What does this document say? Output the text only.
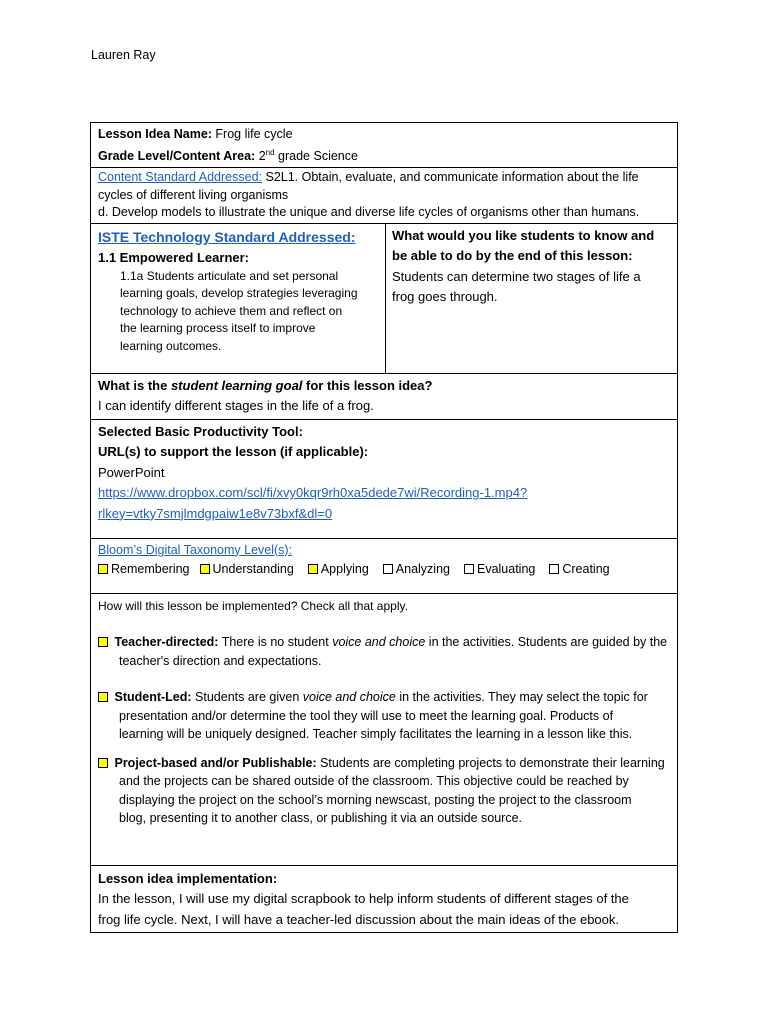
Lauren Ray
Lesson Idea Name: Frog life cycle
Grade Level/Content Area: 2nd grade Science
Content Standard Addressed: S2L1. Obtain, evaluate, and communicate information about the life
cycles of different living organisms
d. Develop models to illustrate the unique and diverse life cycles of organisms other than humans.
ISTE Technology Standard Addressed:
1.1 Empowered Learner:
1.1a Students articulate and set personal
learning goals, develop strategies leveraging
technology to achieve them and reflect on
the learning process itself to improve
learning outcomes.
What would you like students to know and
be able to do by the end of this lesson:
Students can determine two stages of life a
frog goes through.
What is the student learning goal for this lesson idea?
I can identify different stages in the life of a frog.
Selected Basic Productivity Tool:
URL(s) to support the lesson (if applicable):
PowerPoint
https://www.dropbox.com/scl/fi/xvy0kqr9rh0xa5dede7wi/Recording-1.mp4?
rlkey=vtky7smjlmdgpaiw1e8v73bxf&dl=0
Bloom’s Digital Taxonomy Level(s):
Remembering	Understanding	Applying	Analyzing	Evaluating	Creating
How will this lesson be implemented? Check all that apply.
Teacher-directed: There is no student voice and choice in the activities. Students are guided by the
teacher's direction and expectations.
Student-Led: Students are given voice and choice in the activities. They may select the topic for
presentation and/or determine the tool they will use to meet the learning goal. Products of
learning will be uniquely designed. Teacher simply facilitates the learning in a lesson like this.
Project-based and/or Publishable: Students are completing projects to demonstrate their learning
and the projects can be shared outside of the classroom. This objective could be reached by
displaying the project on the school’s morning newscast, posting the project to the classroom
blog, presenting it to another class, or publishing it via an outside source.
Lesson idea implementation:
In the lesson, I will use my digital scrapbook to help inform students of different stages of the
frog life cycle. Next, I will have a teacher-led discussion about the main ideas of the ebook.
